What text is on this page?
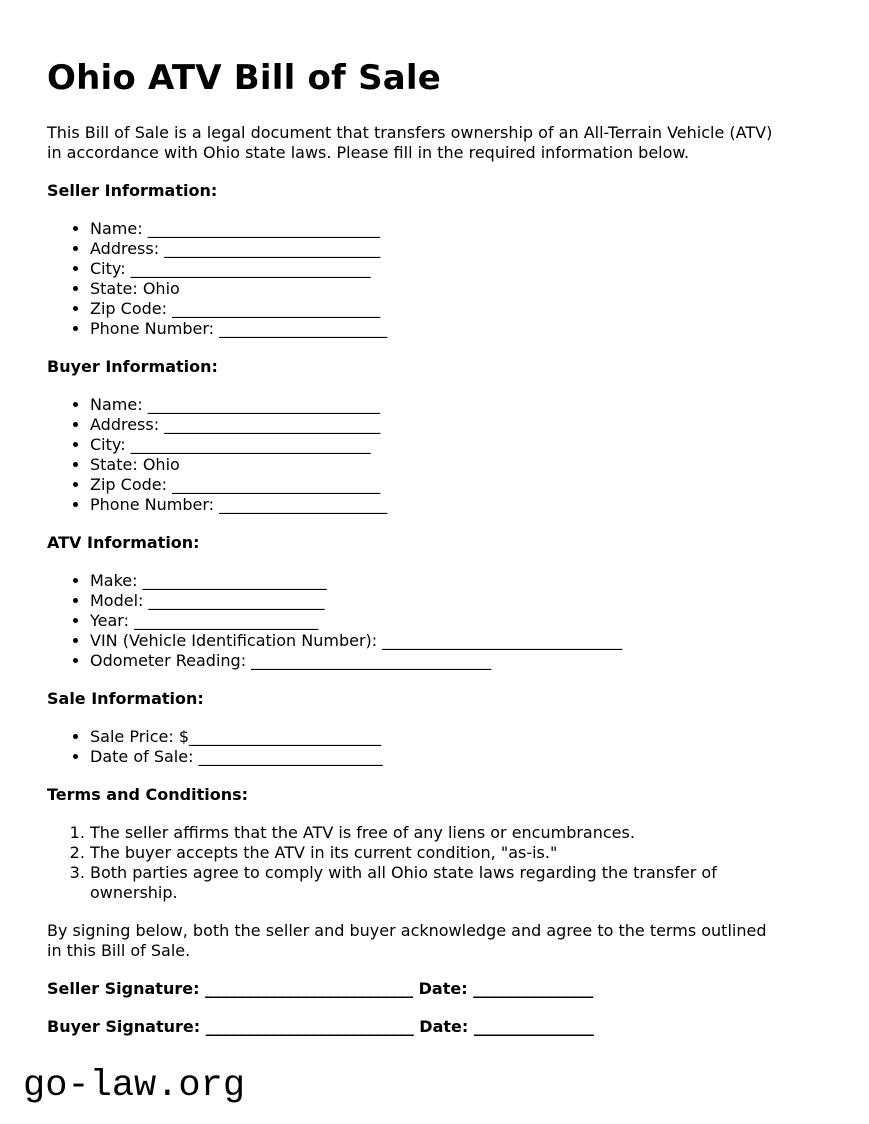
Ohio ATV Bill of Sale

This Bill of Sale is a legal document that transfers ownership of an All-Terrain Vehicle (ATV)
in accordance with Ohio state laws. Please fill in the required information below.

Seller Information:
• Name: _____________________________
• Address: ___________________________
• City: ______________________________
• State: Ohio
• Zip Code: __________________________
• Phone Number: _____________________
Buyer Information:
• Name: _____________________________
• Address: ___________________________
• City: ______________________________
• State: Ohio
• Zip Code: __________________________
• Phone Number: _____________________
ATV Information:
• Make: _______________________
• Model: ______________________
• Year: _______________________
• VIN (Vehicle Identification Number): ______________________________
• Odometer Reading: ______________________________
Sale Information:
• Sale Price: $________________________
• Date of Sale: _______________________
Terms and Conditions:
1. The seller affirms that the ATV is free of any liens or encumbrances.
2. The buyer accepts the ATV in its current condition, "as-is."
3. Both parties agree to comply with all Ohio state laws regarding the transfer of
ownership.

By signing below, both the seller and buyer acknowledge and agree to the terms outlined
in this Bill of Sale.

Seller Signature: __________________________ Date: _______________

Buyer Signature: __________________________ Date: _______________

go-law.org
